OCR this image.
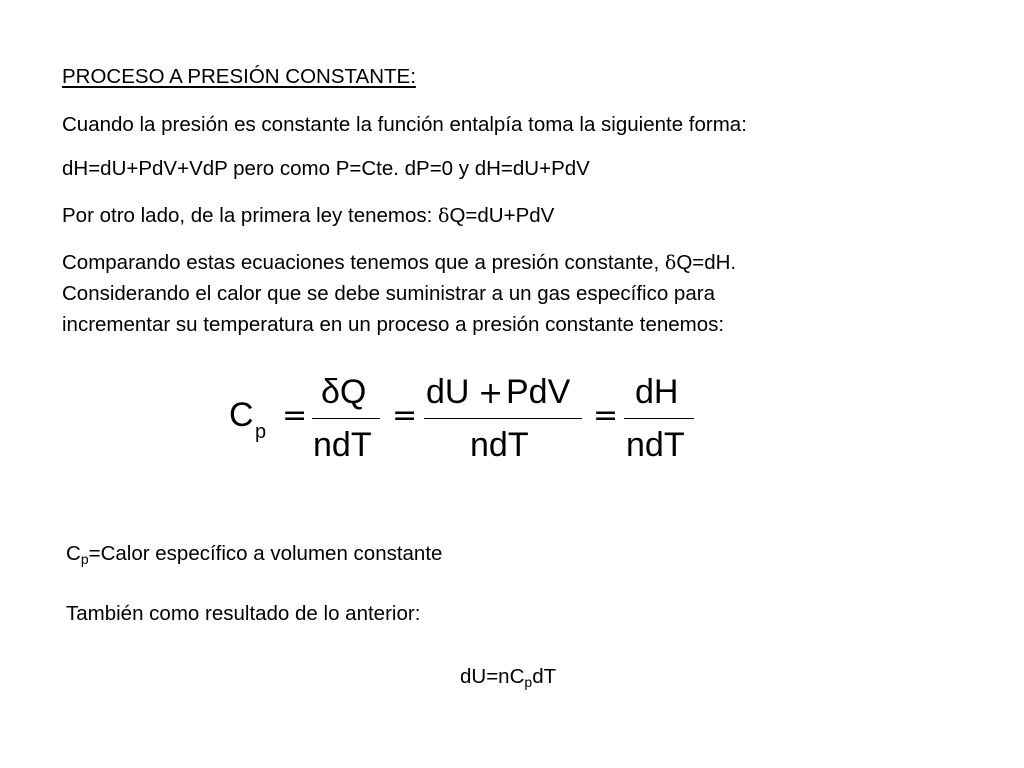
PROCESO A PRESIÓN CONSTANTE:
Cuando la presión es constante la función entalpía toma la siguiente forma:
dH=dU+PdV+VdP pero como P=Cte. dP=0 y dH=dU+PdV
Por otro lado, de la primera ley tenemos: δQ=dU+PdV
Comparando estas ecuaciones tenemos que a presión constante, δQ=dH.
Considerando el calor que se debe suministrar a un gas específico para
incrementar su temperatura en un proceso a presión constante tenemos:
C p =
δQ
ndT
=
dU + PdV
ndT
=
dH
ndT
$C_p=Calor$ específico a volumen constante
También como resultado de lo anterior:
$dU=nC_pdT$
